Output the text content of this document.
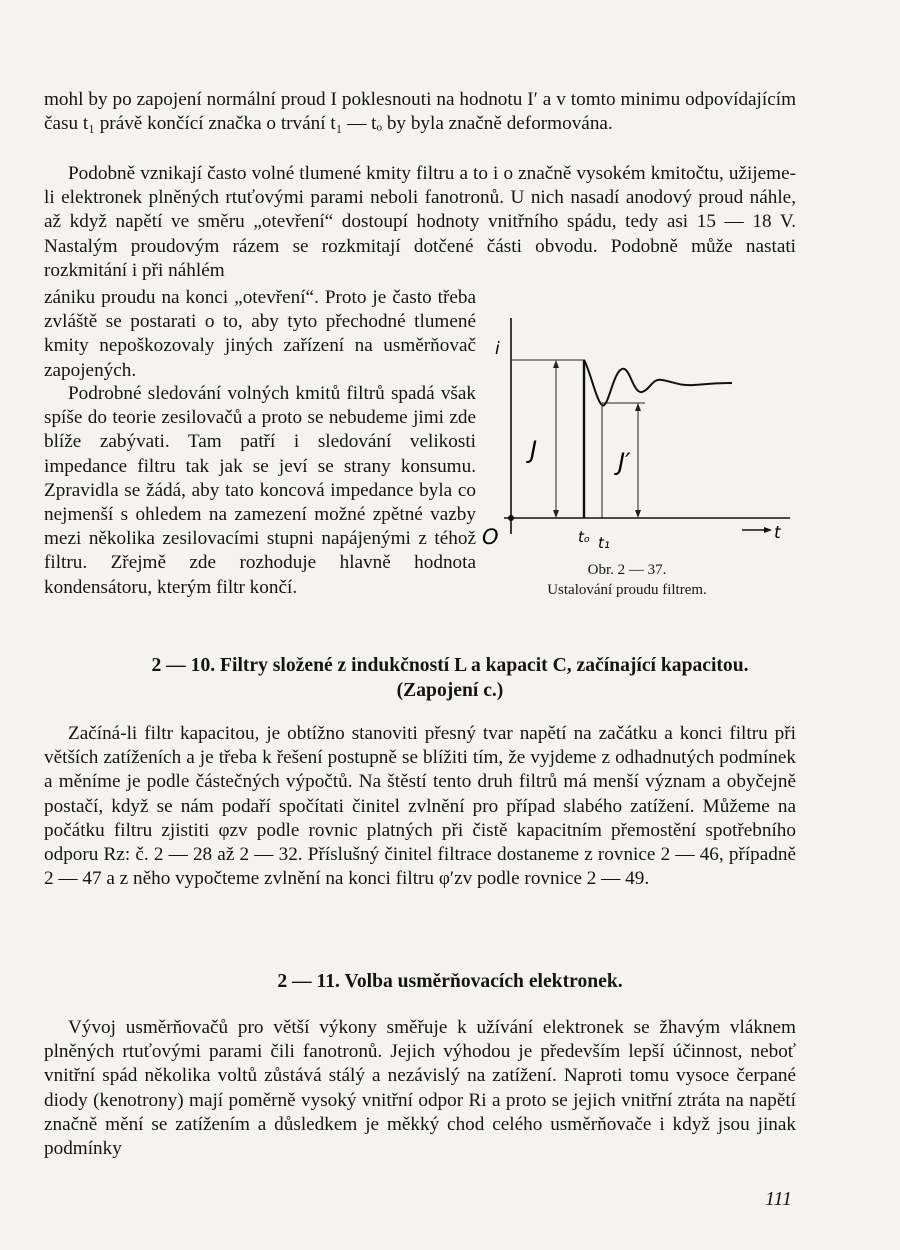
mohl by po zapojení normální proud I poklesnouti na hodnotu I′ a v tomto minimu odpovídajícím času t₁ právě končící značka o trvání t₁ — tₒ by byla značně deformována.

Podobně vznikají často volné tlumené kmity filtru a to i o značně vysokém kmitočtu, užijeme-li elektronek plněných rtuťovými parami neboli fanotronů. U nich nasadí anodový proud náhle, až když napětí ve směru „otevření“ dostoupí hodnoty vnitřního spádu, tedy asi 15 — 18 V. Nastalým proudovým rázem se rozkmitají dotčené části obvodu. Podobně může nastati rozkmitání i při náhlém

zániku proudu na konci „otevření“. Proto je často třeba zvláště se postarati o to, aby tyto přechodné tlumené kmity nepoškozovaly jiných zařízení na usměrňovač zapojených.

Podrobné sledování volných kmitů filtrů spadá však spíše do teorie zesilovačů a proto se nebudeme jimi zde blíže zabývati. Tam patří i sledování velikosti impedance filtru tak jak se jeví se strany konsumu. Zpravidla se žádá, aby tato koncová impedance byla co nejmenší s ohledem na zamezení možné zpětné vazby mezi několika zesilovacími stupni napájenými z téhož filtru. Zřejmě zde rozhoduje hlavně hodnota kondensátoru, kterým filtr končí.

i
J	J′
O	tₒ t₁	t
Obr. 2 — 37.
Ustalování proudu filtrem.
2 — 10. Filtry složené z indukčností L a kapacit C, začínající kapacitou. (Zapojení c.)

Začíná-li filtr kapacitou, je obtížno stanoviti přesný tvar napětí na začátku a konci filtru při větších zatíženích a je třeba k řešení postupně se blížiti tím, že vyjdeme z odhadnutých podmínek a měníme je podle částečných výpočtů. Na štěstí tento druh filtrů má menší význam a obyčejně postačí, když se nám podaří spočítati činitel zvlnění pro případ slabého zatížení. Můžeme na počátku filtru zjistiti φzv podle rovnic platných při čistě kapacitním přemostění spotřebního odporu Rz: č. 2 — 28 až 2 — 32. Příslušný činitel filtrace dostaneme z rovnice 2 — 46, případně 2 — 47 a z něho vypočteme zvlnění na konci filtru φ′zv podle rovnice 2 — 49.

2 — 11. Volba usměrňovacích elektronek.

Vývoj usměrňovačů pro větší výkony směřuje k užívání elektronek se žhavým vláknem plněných rtuťovými parami čili fanotronů. Jejich výhodou je především lepší účinnost, neboť vnitřní spád několika voltů zůstává stálý a nezávislý na zatížení. Naproti tomu vysoce čerpané diody (kenotrony) mají poměrně vysoký vnitřní odpor Ri a proto se jejich vnitřní ztráta na napětí značně mění se zatížením a důsledkem je měkký chod celého usměrňovače i když jsou jinak podmínky

111
